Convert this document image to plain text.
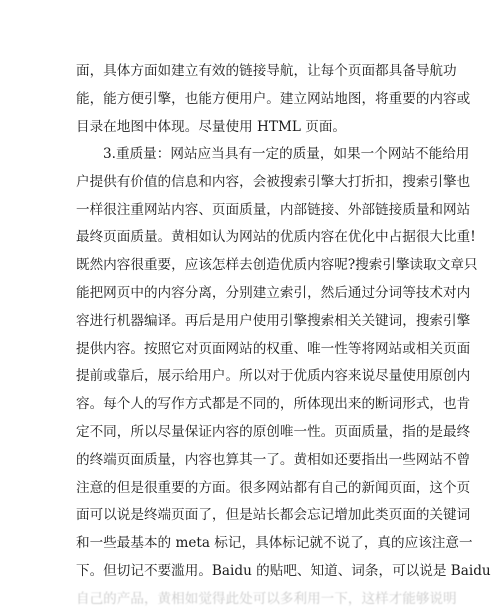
面，具体方面如建立有效的链接导航，让每个页面都具备导航功
能，能方便引擎，也能方便用户。建立网站地图，将重要的内容或
目录在地图中体现。尽量使用 HTML 页面。
3.重质量：网站应当具有一定的质量，如果一个网站不能给用
户提供有价值的信息和内容，会被搜索引擎大打折扣，搜索引擎也
一样很注重网站内容、页面质量，内部链接、外部链接质量和网站
最终页面质量。黄相如认为网站的优质内容在优化中占据很大比重!
既然内容很重要，应该怎样去创造优质内容呢?搜索引擎读取文章只
能把网页中的内容分离，分别建立索引，然后通过分词等技术对内
容进行机器编译。再后是用户使用引擎搜索相关关键词，搜索引擎
提供内容。按照它对页面网站的权重、唯一性等将网站或相关页面
提前或靠后，展示给用户。所以对于优质内容来说尽量使用原创内
容。每个人的写作方式都是不同的，所体现出来的断词形式，也肯
定不同，所以尽量保证内容的原创唯一性。页面质量，指的是最终
的终端页面质量，内容也算其一了。黄相如还要指出一些网站不曾
注意的但是很重要的方面。很多网站都有自己的新闻页面，这个页
面可以说是终端页面了，但是站长都会忘记增加此类页面的关键词
和一些最基本的 meta 标记，具体标记就不说了，真的应该注意一
下。但切记不要滥用。Baidu 的贴吧、知道、词条，可以说是 Baidu
自己的产品，黄相如觉得此处可以多利用一下，这样才能够说明
